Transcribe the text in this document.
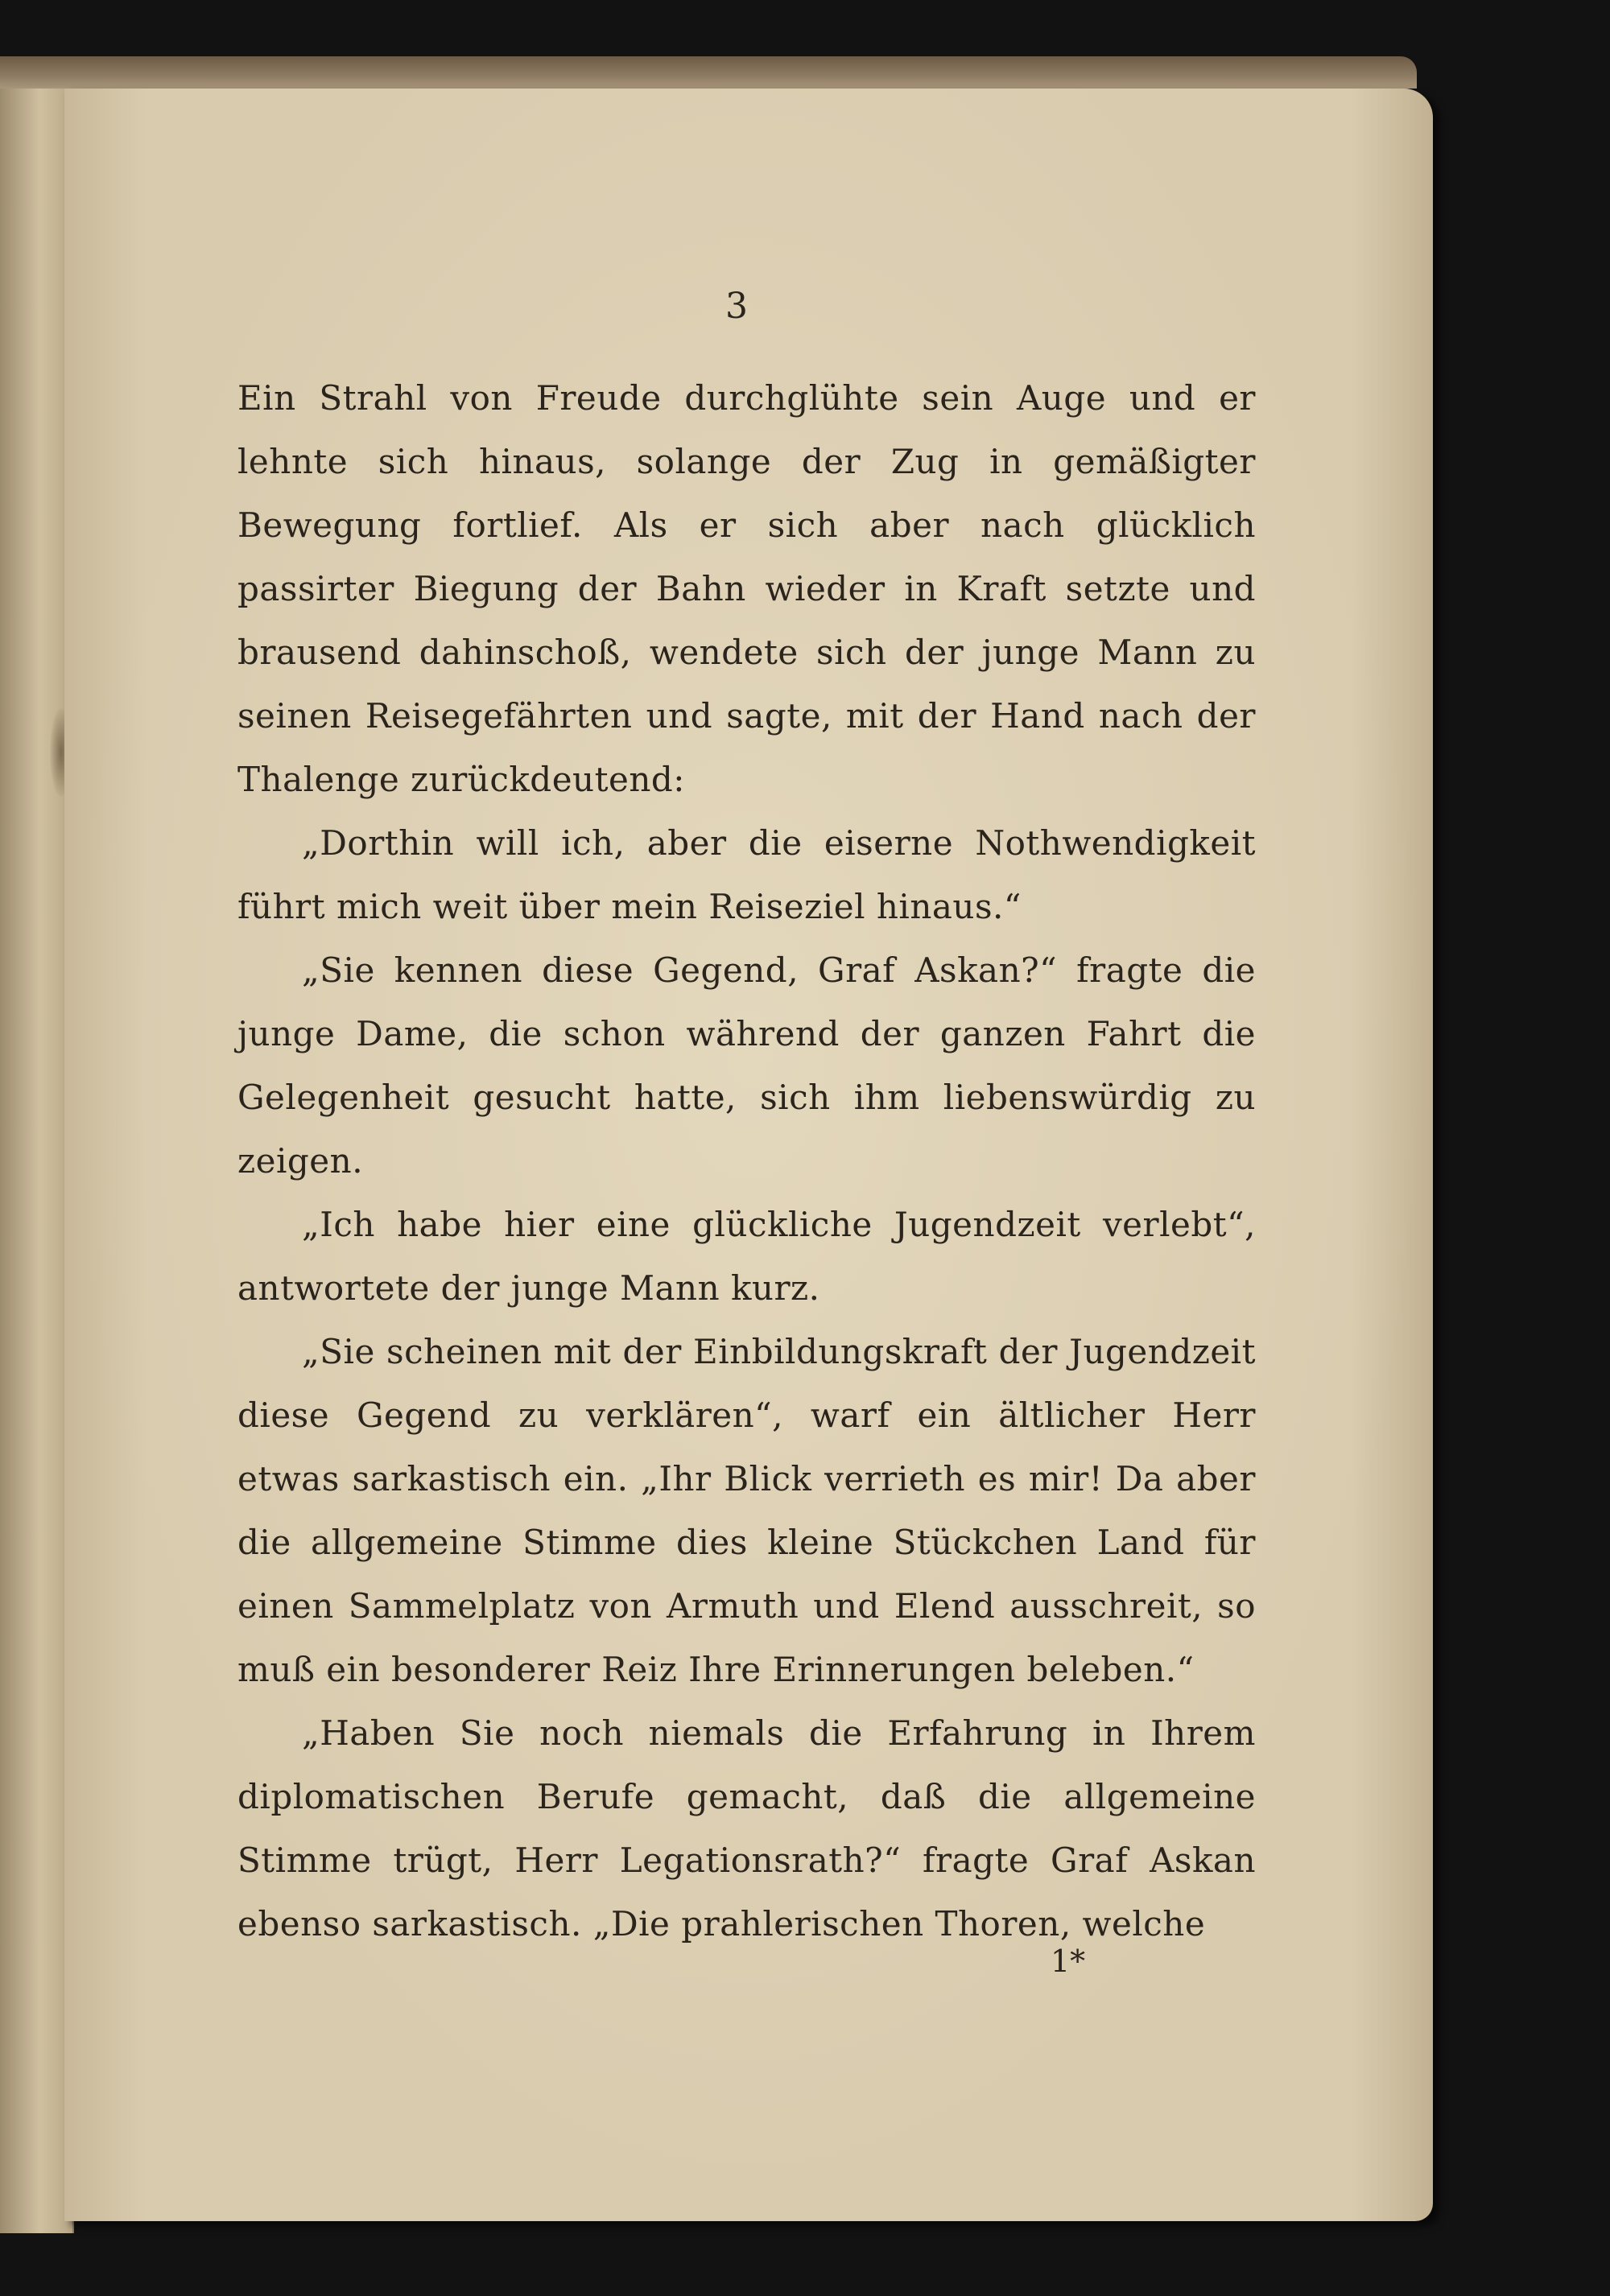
3

Ein Strahl von Freude durchglühte sein Auge und er lehnte sich hinaus, solange der Zug in gemäßigter Bewegung fortlief. Als er sich aber nach glücklich passirter Biegung der Bahn wieder in Kraft setzte und brausend dahinschoß, wendete sich der junge Mann zu seinen Reisegefährten und sagte, mit der Hand nach der Thalenge zurückdeutend:

„Dorthin will ich, aber die eiserne Nothwendigkeit führt mich weit über mein Reiseziel hinaus.“

„Sie kennen diese Gegend, Graf Askan?“ fragte die junge Dame, die schon während der ganzen Fahrt die Gelegenheit gesucht hatte, sich ihm liebenswürdig zu zeigen.

„Ich habe hier eine glückliche Jugendzeit verlebt“, antwortete der junge Mann kurz.

„Sie scheinen mit der Einbildungskraft der Jugendzeit diese Gegend zu verklären“, warf ein ältlicher Herr etwas sarkastisch ein. „Ihr Blick verrieth es mir! Da aber die allgemeine Stimme dies kleine Stückchen Land für einen Sammelplatz von Armuth und Elend ausschreit, so muß ein besonderer Reiz Ihre Erinnerungen beleben.“

„Haben Sie noch niemals die Erfahrung in Ihrem diplomatischen Berufe gemacht, daß die allgemeine Stimme trügt, Herr Legationsrath?“ fragte Graf Askan ebenso sarkastisch. „Die prahlerischen Thoren, welche

1*
